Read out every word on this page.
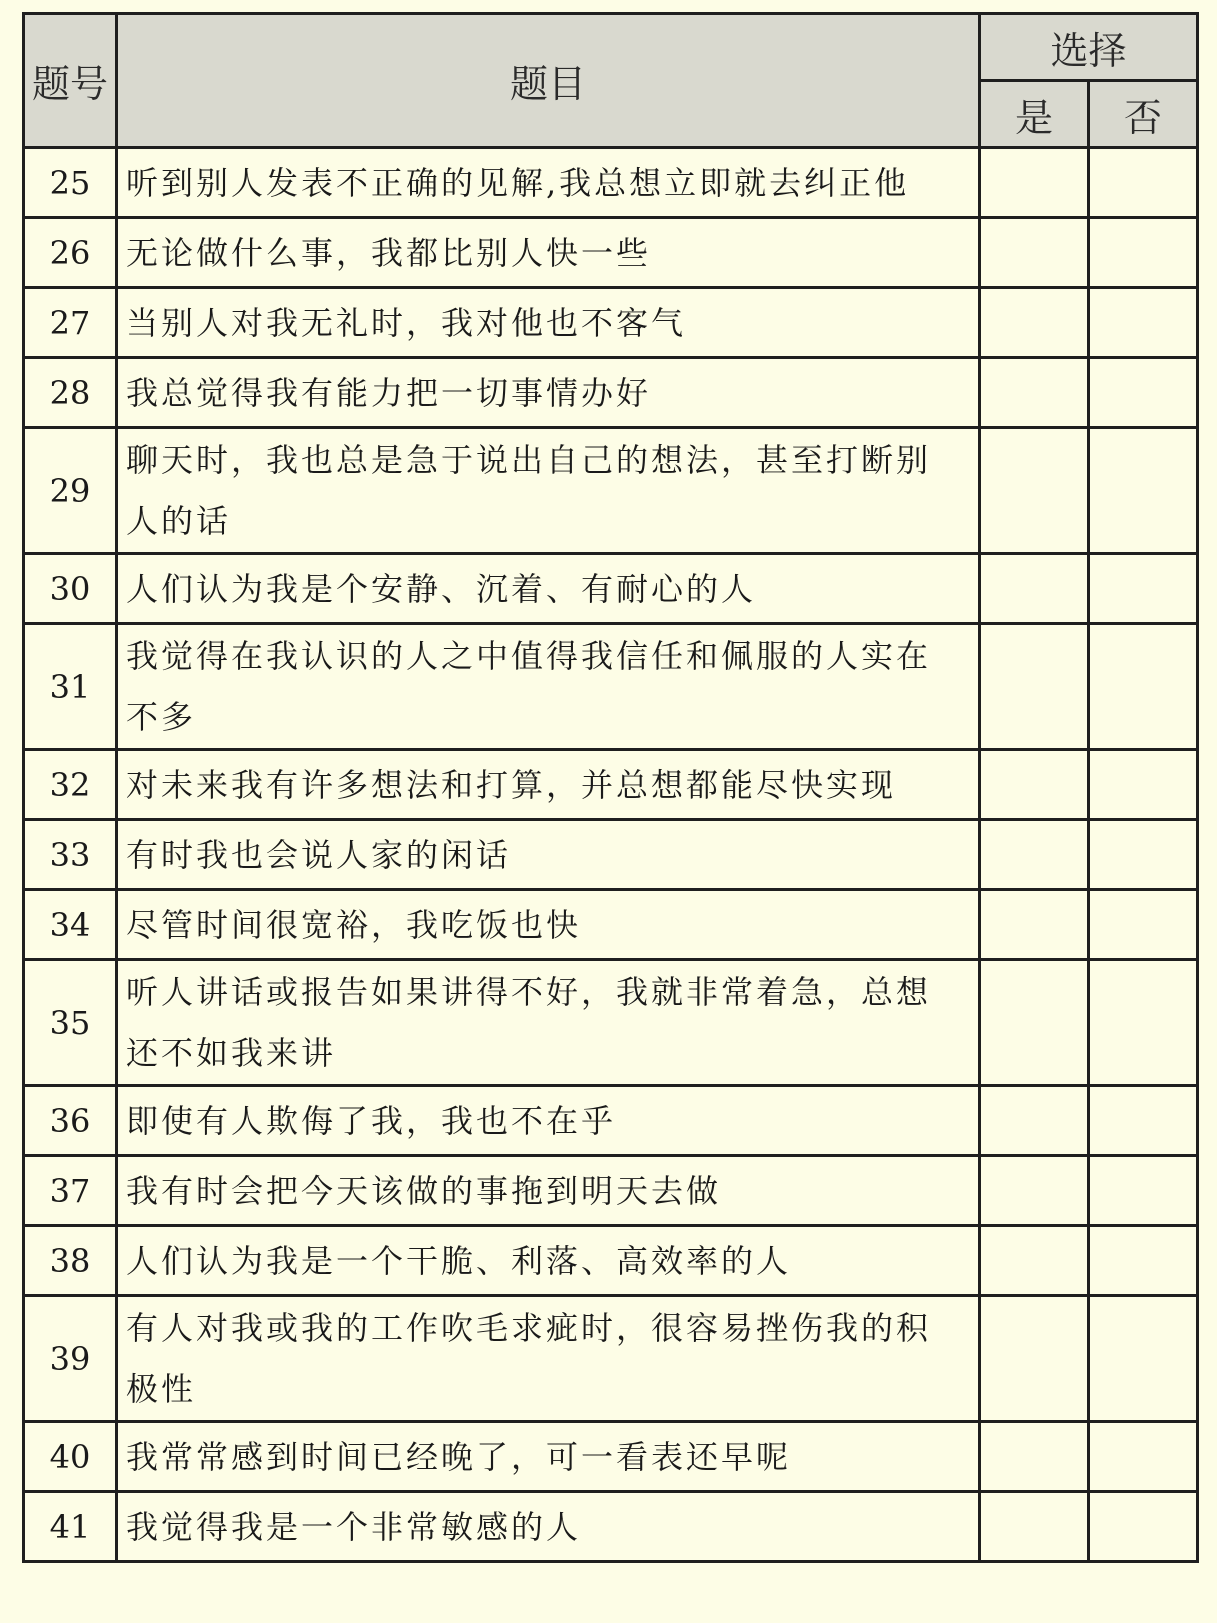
题号	题目	选择	
		是	否
25	听到别人发表不正确的见解,我总想立即就去纠正他		
26	无论做什么事，我都比别人快一些		
27	当别人对我无礼时，我对他也不客气		
28	我总觉得我有能力把一切事情办好		
29	聊天时，我也总是急于说出自己的想法，甚至打断别人的话		
30	人们认为我是个安静、沉着、有耐心的人		
31	我觉得在我认识的人之中值得我信任和佩服的人实在不多		
32	对未来我有许多想法和打算，并总想都能尽快实现		
33	有时我也会说人家的闲话		
34	尽管时间很宽裕，我吃饭也快		
35	听人讲话或报告如果讲得不好，我就非常着急，总想还不如我来讲		
36	即使有人欺侮了我，我也不在乎		
37	我有时会把今天该做的事拖到明天去做		
38	人们认为我是一个干脆、利落、高效率的人		
39	有人对我或我的工作吹毛求疵时，很容易挫伤我的积极性		
40	我常常感到时间已经晚了，可一看表还早呢		
41	我觉得我是一个非常敏感的人		
